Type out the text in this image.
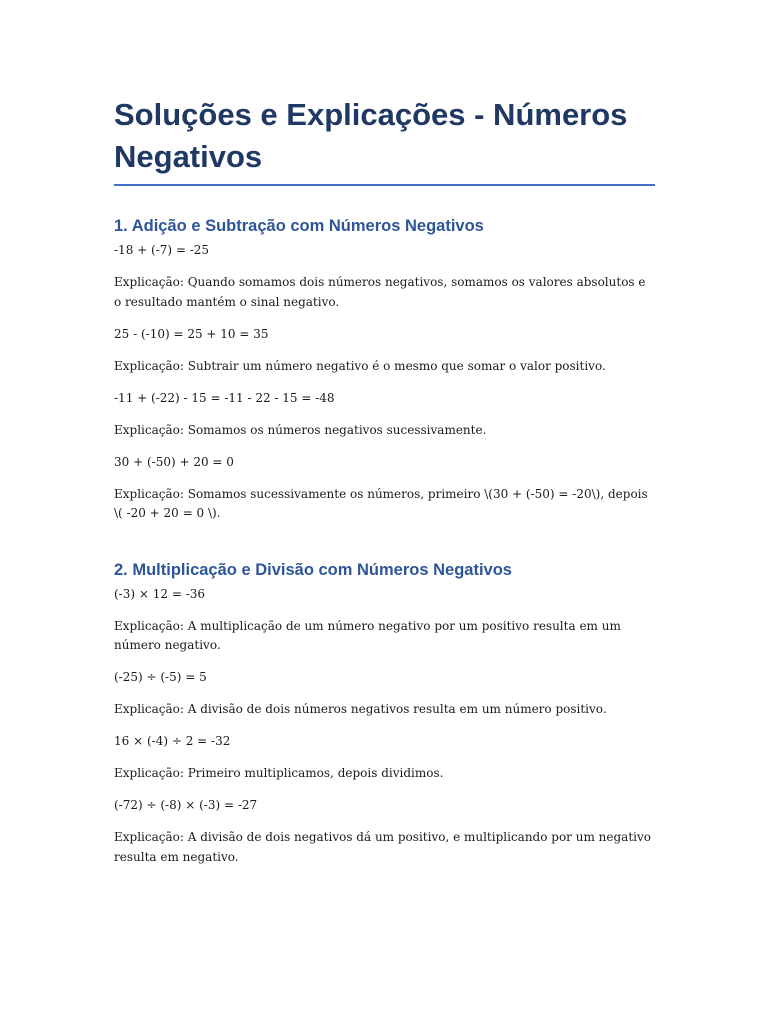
Soluções e Explicações - Números Negativos
1. Adição e Subtração com Números Negativos

-18 + (-7) = -25

Explicação: Quando somamos dois números negativos, somamos os valores absolutos e o resultado mantém o sinal negativo.

25 - (-10) = 25 + 10 = 35

Explicação: Subtrair um número negativo é o mesmo que somar o valor positivo.

-11 + (-22) - 15 = -11 - 22 - 15 = -48

Explicação: Somamos os números negativos sucessivamente.

30 + (-50) + 20 = 0

Explicação: Somamos sucessivamente os números, primeiro \(30 + (-50) = -20\), depois \( -20 + 20 = 0 \).

2. Multiplicação e Divisão com Números Negativos

(-3) × 12 = -36

Explicação: A multiplicação de um número negativo por um positivo resulta em um número negativo.

(-25) ÷ (-5) = 5

Explicação: A divisão de dois números negativos resulta em um número positivo.

16 × (-4) ÷ 2 = -32

Explicação: Primeiro multiplicamos, depois dividimos.

(-72) ÷ (-8) × (-3) = -27

Explicação: A divisão de dois negativos dá um positivo, e multiplicando por um negativo resulta em negativo.
